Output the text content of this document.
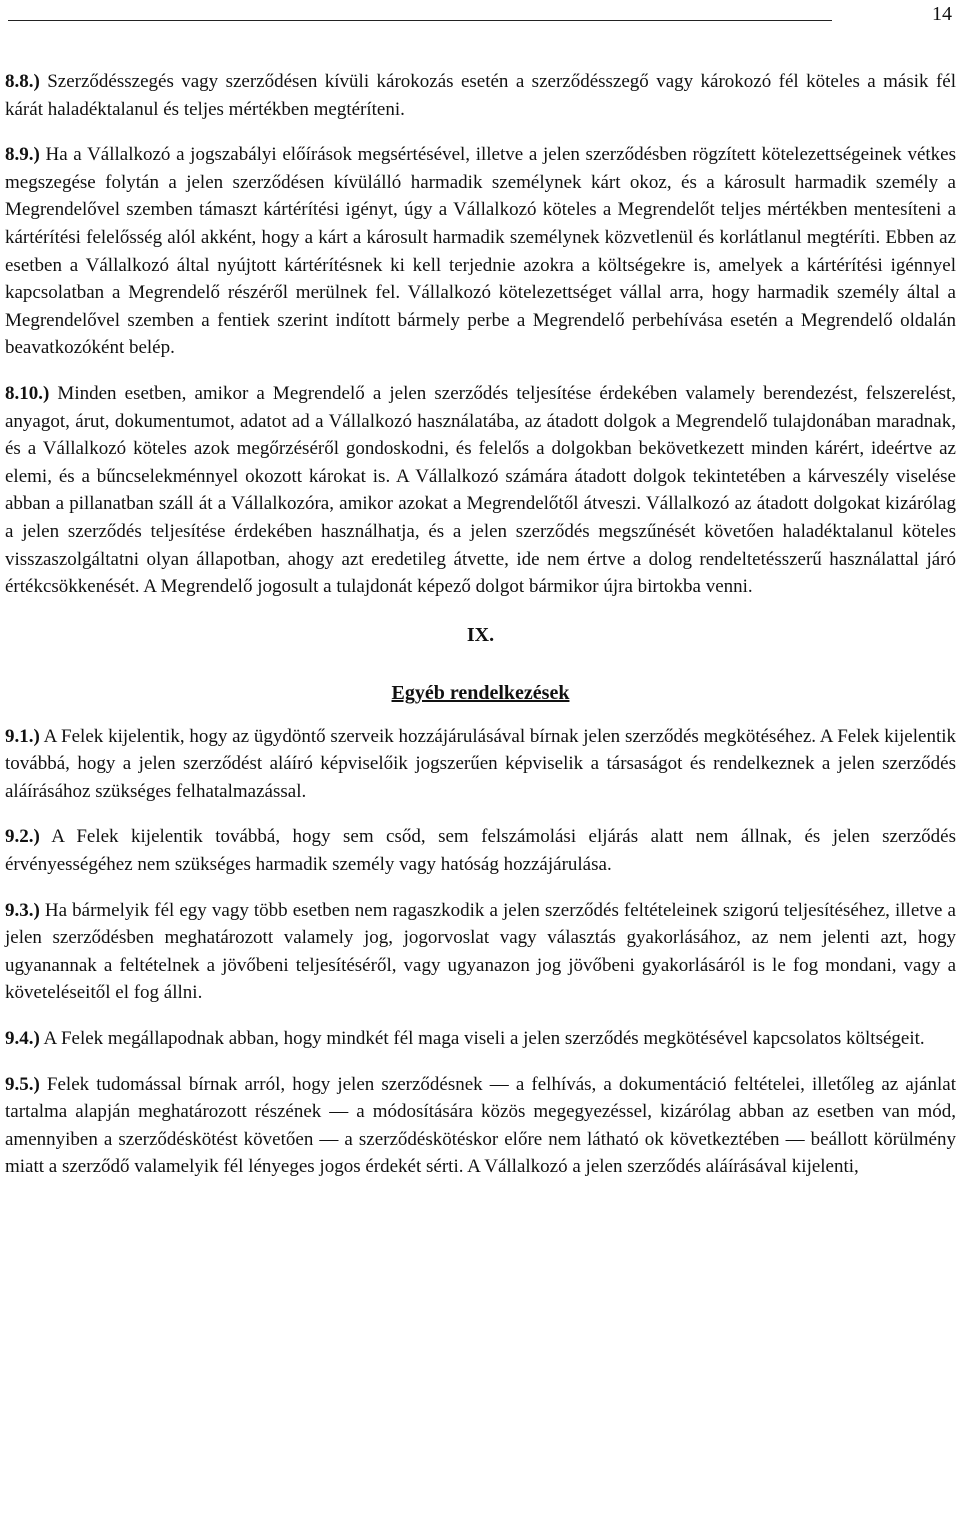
14

8.8.) Szerződésszegés vagy szerződésen kívüli károkozás esetén a szerződésszegő vagy károkozó fél köteles a másik fél kárát haladéktalanul és teljes mértékben megtéríteni.

8.9.) Ha a Vállalkozó a jogszabályi előírások megsértésével, illetve a jelen szerződésben rögzített kötelezettségeinek vétkes megszegése folytán a jelen szerződésen kívülálló harmadik személynek kárt okoz, és a károsult harmadik személy a Megrendelővel szemben támaszt kártérítési igényt, úgy a Vállalkozó köteles a Megrendelőt teljes mértékben mentesíteni a kártérítési felelősség alól akként, hogy a kárt a károsult harmadik személynek közvetlenül és korlátlanul megtéríti. Ebben az esetben a Vállalkozó által nyújtott kártérítésnek ki kell terjednie azokra a költségekre is, amelyek a kártérítési igénnyel kapcsolatban a Megrendelő részéről merülnek fel. Vállalkozó kötelezettséget vállal arra, hogy harmadik személy által a Megrendelővel szemben a fentiek szerint indított bármely perbe a Megrendelő perbehívása esetén a Megrendelő oldalán beavatkozóként belép.

8.10.) Minden esetben, amikor a Megrendelő a jelen szerződés teljesítése érdekében valamely berendezést, felszerelést, anyagot, árut, dokumentumot, adatot ad a Vállalkozó használatába, az átadott dolgok a Megrendelő tulajdonában maradnak, és a Vállalkozó köteles azok megőrzéséről gondoskodni, és felelős a dolgokban bekövetkezett minden kárért, ideértve az elemi, és a bűncselekménnyel okozott károkat is. A Vállalkozó számára átadott dolgok tekintetében a kárveszély viselése abban a pillanatban száll át a Vállalkozóra, amikor azokat a Megrendelőtől átveszi. Vállalkozó az átadott dolgokat kizárólag a jelen szerződés teljesítése érdekében használhatja, és a jelen szerződés megszűnését követően haladéktalanul köteles visszaszolgáltatni olyan állapotban, ahogy azt eredetileg átvette, ide nem értve a dolog rendeltetésszerű használattal járó értékcsökkenését. A Megrendelő jogosult a tulajdonát képező dolgot bármikor újra birtokba venni.

IX.

Egyéb rendelkezések

9.1.) A Felek kijelentik, hogy az ügydöntő szerveik hozzájárulásával bírnak jelen szerződés megkötéséhez. A Felek kijelentik továbbá, hogy a jelen szerződést aláíró képviselőik jogszerűen képviselik a társaságot és rendelkeznek a jelen szerződés aláírásához szükséges felhatalmazással.

9.2.) A Felek kijelentik továbbá, hogy sem csőd, sem felszámolási eljárás alatt nem állnak, és jelen szerződés érvényességéhez nem szükséges harmadik személy vagy hatóság hozzájárulása.

9.3.) Ha bármelyik fél egy vagy több esetben nem ragaszkodik a jelen szerződés feltételeinek szigorú teljesítéséhez, illetve a jelen szerződésben meghatározott valamely jog, jogorvoslat vagy választás gyakorlásához, az nem jelenti azt, hogy ugyanannak a feltételnek a jövőbeni teljesítéséről, vagy ugyanazon jog jövőbeni gyakorlásáról is le fog mondani, vagy a követeléseitől el fog állni.

9.4.) A Felek megállapodnak abban, hogy mindkét fél maga viseli a jelen szerződés megkötésével kapcsolatos költségeit.

9.5.) Felek tudomással bírnak arról, hogy jelen szerződésnek — a felhívás, a dokumentáció feltételei, illetőleg az ajánlat tartalma alapján meghatározott részének — a módosítására közös megegyezéssel, kizárólag abban az esetben van mód, amennyiben a szerződéskötést követően — a szerződéskötéskor előre nem látható ok következtében — beállott körülmény miatt a szerződő valamelyik fél lényeges jogos érdekét sérti. A Vállalkozó a jelen szerződés aláírásával kijelenti,
